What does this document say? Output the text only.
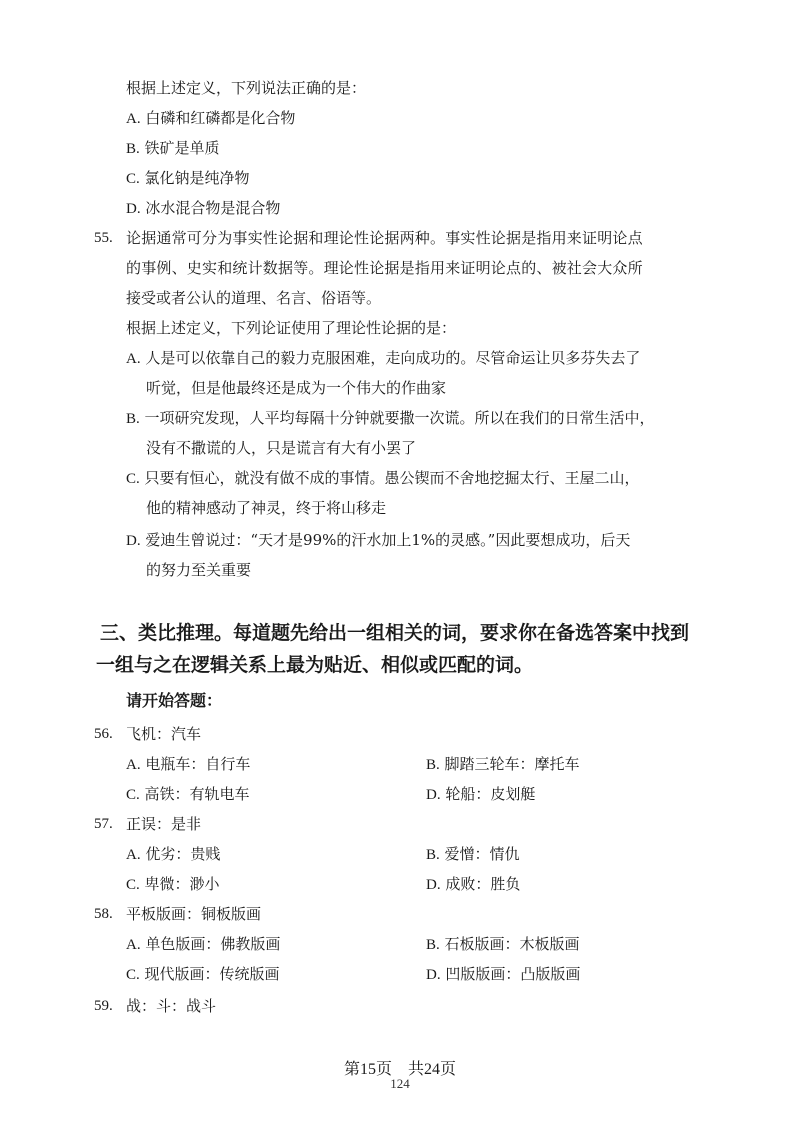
根据上述定义，下列说法正确的是：
A. 白磷和红磷都是化合物
B. 铁矿是单质
C. 氯化钠是纯净物
D. 冰水混合物是混合物
55. 论据通常可分为事实性论据和理论性论据两种。事实性论据是指用来证明论点
的事例、史实和统计数据等。理论性论据是指用来证明论点的、被社会大众所
接受或者公认的道理、名言、俗语等。
根据上述定义，下列论证使用了理论性论据的是：
A. 人是可以依靠自己的毅力克服困难，走向成功的。尽管命运让贝多芬失去了
听觉，但是他最终还是成为一个伟大的作曲家
B. 一项研究发现，人平均每隔十分钟就要撒一次谎。所以在我们的日常生活中，
没有不撒谎的人，只是谎言有大有小罢了
C. 只要有恒心，就没有做不成的事情。愚公锲而不舍地挖掘太行、王屋二山，
他的精神感动了神灵，终于将山移走
D. 爱迪生曾说过：“天才是99%的汗水加上1%的灵感。”因此要想成功，后天
的努力至关重要
三、类比推理。每道题先给出一组相关的词，要求你在备选答案中找到
一组与之在逻辑关系上最为贴近、相似或匹配的词。
请开始答题：
56. 飞机：汽车
A. 电瓶车：自行车	B. 脚踏三轮车：摩托车
C. 高铁：有轨电车	D. 轮船：皮划艇
57. 正误：是非
A. 优劣：贵贱	B. 爱憎：情仇
C. 卑微：渺小	D. 成败：胜负
58. 平板版画：铜板版画
A. 单色版画：佛教版画	B. 石板版画：木板版画
C. 现代版画：传统版画	D. 凹版版画：凸版版画
59. 战：斗：战斗
第15页　共24页
124
